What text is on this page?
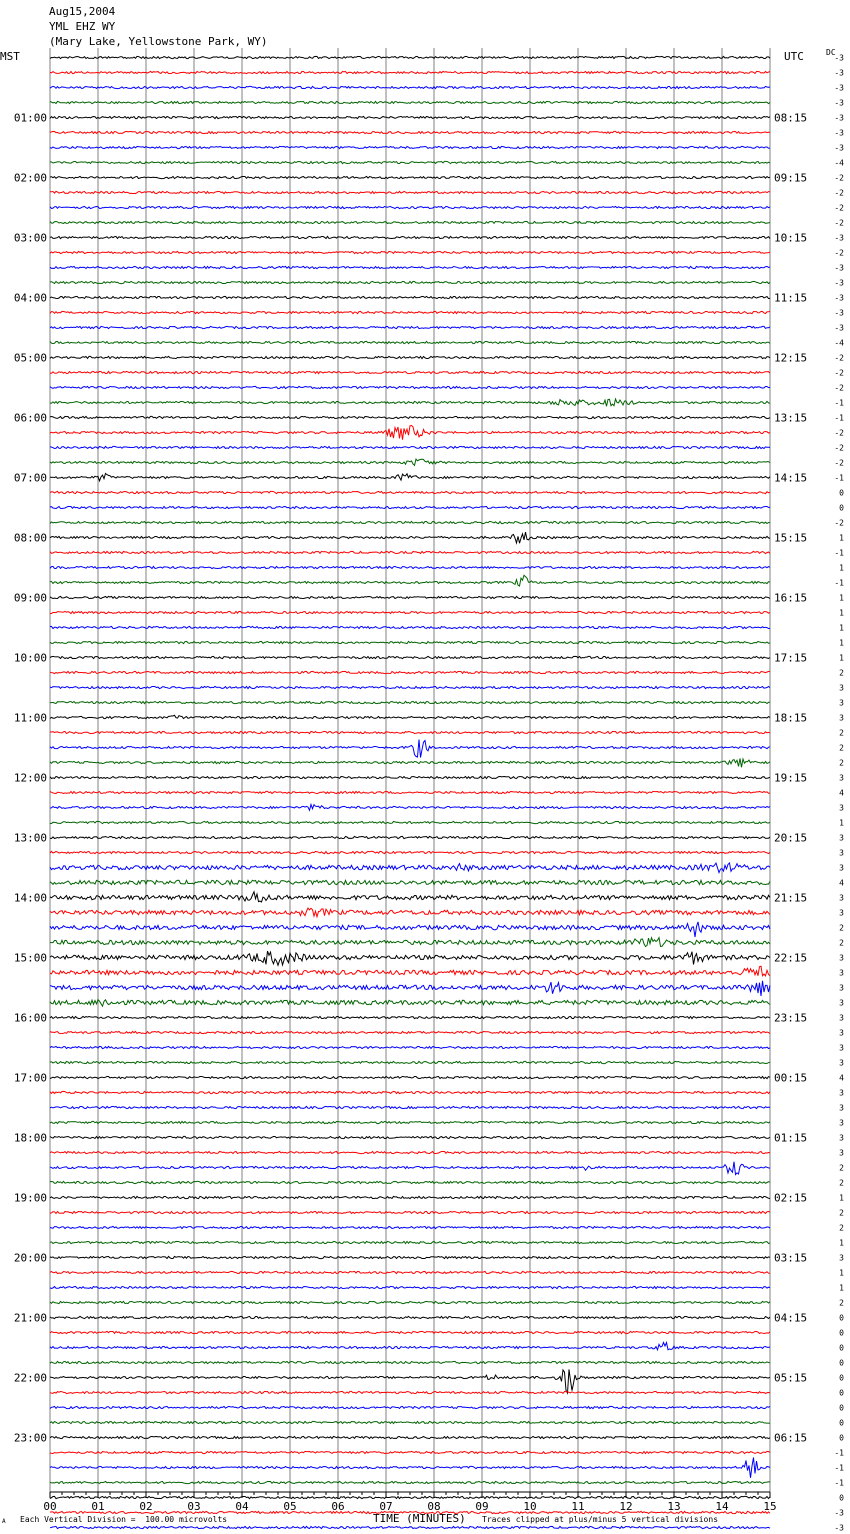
Aug15,2004
YML EHZ WY
(Mary Lake, Yellowstone Park, WY)
00	01	02	03	04	05	06	07	08	09	10	11	12	13	14	15
01:00
02:00
03:00
04:00
05:00
06:00
07:00
08:00
09:00
10:00
11:00
12:00
13:00
14:00
15:00
16:00
17:00
18:00
19:00
20:00
21:00
22:00
23:00
08:15
09:15
10:15
11:15
12:15
13:15
14:15
15:15
16:15
17:15
18:15
19:15
20:15
21:15
22:15
23:15
00:15
01:15
02:15
03:15
04:15
05:15
06:15
-3
-3
-3
-3
-3
-3
-3
-4
-2
-2
-2
-2
-3
-2
-3
-3
-3
-3
-3
-4
-2
-2
-2
-1
-1
-2
-2
-2
-1
0
0
-2
1
-1
1
-1
1
1
1
1
1
2
3
3
3
2
2
2
3
4
3
1
3
3
3
4
3
3
2
2
3
3
3
3
3
3
3
3
4
3
3
3
3
3
2
2
1
2
2
1
3
1
1
2
0
0
0
0
0
0
0
0
0
-1
-1
-1
0
-3
-3
MST	UTC	DC
A Each Vertical Division =  100.00 microvolts	TIME (MINUTES) Traces clipped at plus/minus 5 vertical divisions
